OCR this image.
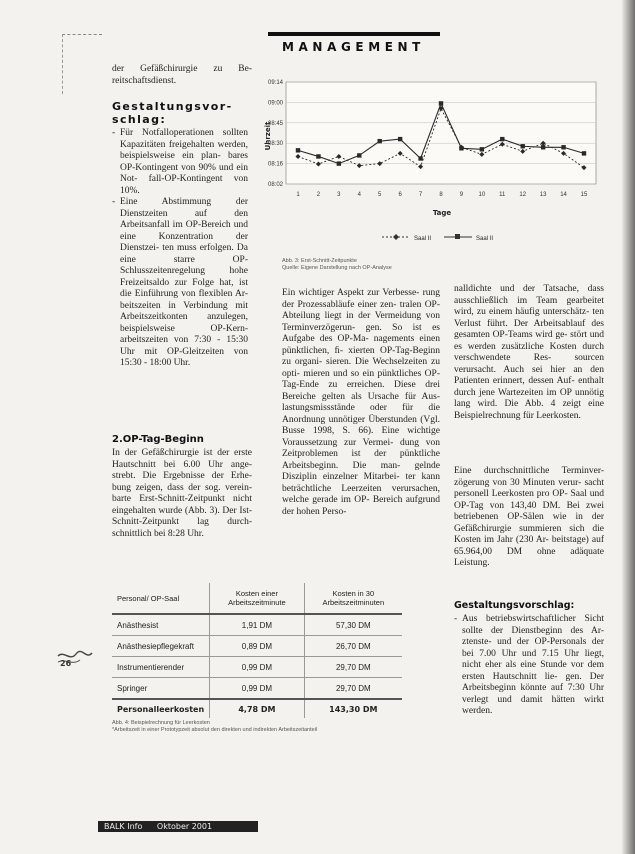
MANAGEMENT
der Gefäßchirurgie zu Be- reitschaftsdienst.
Gestaltungsvor- schlag:
- Für Notfalloperationen sollten Kapazitäten freigehalten werden, beispielsweise ein plan- bares OP-Kontingent von 90% und ein Not- fall-OP-Kontingent von 10%.
- Eine Abstimmung der Dienstzeiten auf den Arbeitsanfall im OP-Bereich und eine Konzentration der Dienstzei- ten muss erfolgen. Da eine starre OP-Schlusszeitenregelung hohe Freizeitsaldo zur Folge hat, ist die Einführung von flexiblen Ar- beitszeiten in Verbindung mit Arbeitszeitkonten anzulegen, beispielsweise OP-Kern- arbeitszeiten von 7:30 - 15:30 Uhr mit OP-Gleitzeiten von 15:30 - 18:00 Uhr.
2.OP-Tag-Beginn
In der Gefäßchirurgie ist der erste Hautschnitt bei 6.00 Uhr ange- strebt. Die Ergebnisse der Erhe- bung zeigen, dass der sog. verein- barte Erst-Schnitt-Zeitpunkt nicht eingehalten wurde (Abb. 3). Der Ist-Schnitt-Zeitpunkt lag durch- schnittlich bei 8:28 Uhr.
08:02
08:16
08:30
08:45
09:00
09:14
1	2	3	4	5	6	7	8	9	10 11 12 13 14 15
Uhrzeit
Tage
Saal II	Saal II
Abb. 3: Erst-Schnitt-Zeitpunkte
Quelle: Eigene Darstellung nach OP-Analyse
Ein wichtiger Aspekt zur Verbesse- rung der Prozessabläufe einer zen- tralen OP-Abteilung liegt in der Vermeidung von Terminverzögerun- gen. So ist es Aufgabe des OP-Ma- nagements einen pünktlichen, ﬁ- xierten OP-Tag-Beginn zu organi- sieren. Die Wechselzeiten zu opti- mieren und so ein pünktliches OP- Tag-Ende zu erreichen. Diese drei Bereiche gelten als Ursache für Aus- lastungsmissstände oder für die Anordnung unnötiger Überstunden (Vgl. Busse 1998, S. 66). Eine wichtige Voraussetzung zur Vermei- dung von Zeitproblemen ist der pünktliche Arbeitsbeginn. Die man- gelnde Disziplin einzelner Mitarbei- ter kann beträchtliche Leerzeiten verursachen, welche gerade im OP- Bereich aufgrund der hohen Perso-
nalldichte und der Tatsache, dass ausschließlich im Team gearbeitet wird, zu einem häufig unterschätz- ten Verlust führt. Der Arbeitsablauf des gesamten OP-Teams wird ge- stört und es werden zusätzliche Kosten durch verschwendete Res- sourcen verursacht. Auch sei hier an den Patienten erinnert, dessen Auf- enthalt durch jene Wartezeiten im OP unnötig lang wird. Die Abb. 4 zeigt eine Beispielrechnung für Leerkosten.
Eine durchschnittliche Terminver- zögerung von 30 Minuten verur- sacht personell Leerkosten pro OP- Saal und OP-Tag von 143,40 DM. Bei zwei betriebenen OP-Sälen wie in der Gefäßchirurgie summieren sich die Kosten im Jahr (230 Ar- beitstage) auf 65.964,00 DM ohne adäquate Leistung.
Gestaltungsvorschlag:
- Aus betriebswirtschaftlicher Sicht sollte der Dienstbeginn des Ar- ztenste- und der OP-Personals der bei 7.00 Uhr und 7.15 Uhr liegt, nicht eher als eine Stunde vor dem ersten Hautschnitt lie- gen. Der Arbeitsbeginn könnte auf 7:30 Uhr verlegt und damit hätten wirkt werden.
Personal/ OP-Saal	Kosten einer Arbeitszeitminute	Kosten in 30 Arbeitszeitminuten
Anästhesist	1,91 DM	57,30 DM
Anästhesiepflegekraft	0,89 DM	26,70 DM
Instrumentierender	0,99 DM	29,70 DM
Springer	0,99 DM	29,70 DM
Personalleerkosten	4,78 DM	143,30 DM
Abb. 4: Beispielrechnung für Leerkosten
*Arbeitszeit in einer Prototypzeit absolut den direkten und indirekten Arbeitszeitanteil
26
BALK Info Oktober 2001
